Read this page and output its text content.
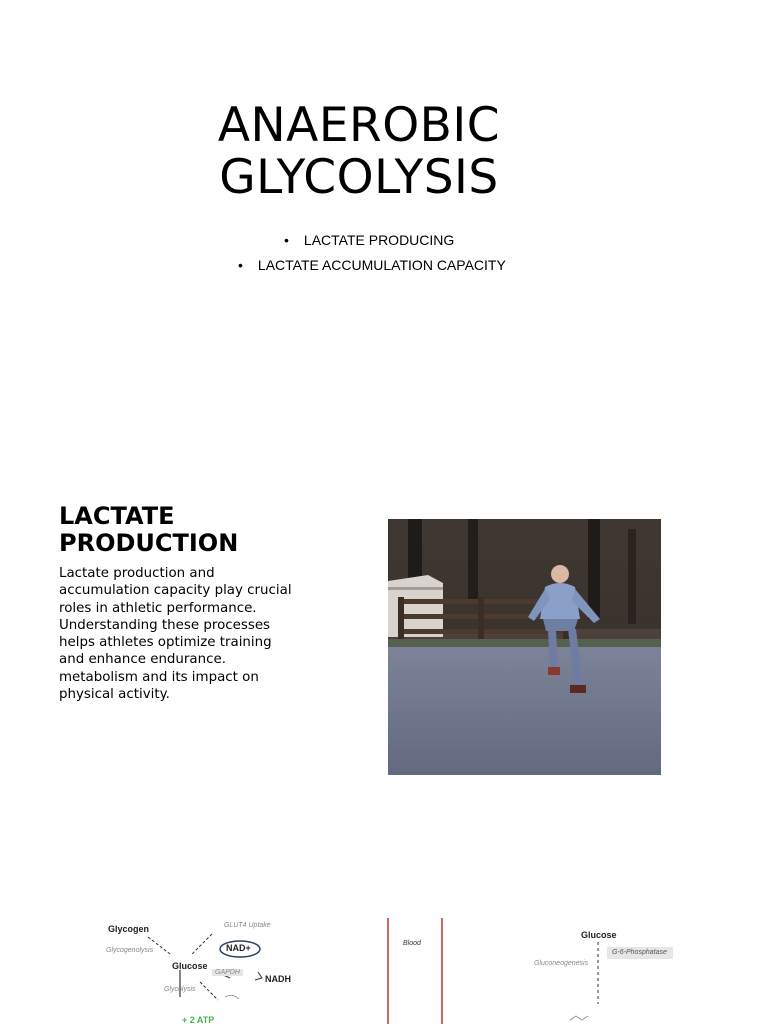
ANAEROBIC
GLYCOLYSIS
• LACTATE PRODUCING
• LACTATE ACCUMULATION CAPACITY
LACTATE
PRODUCTION
Lactate production and accumulation capacity play crucial roles in athletic performance. Understanding these processes helps athletes optimize training and enhance endurance. metabolism and its impact on physical activity.
Glycogen
Glycogenolysis
GLUT4 Uptake
NAD+
Glucose
GAPDH
NADH
Glycolysis
+ 2 ATP
Blood
Glucose
Gluconeogenesis
G-6-Phosphatase
